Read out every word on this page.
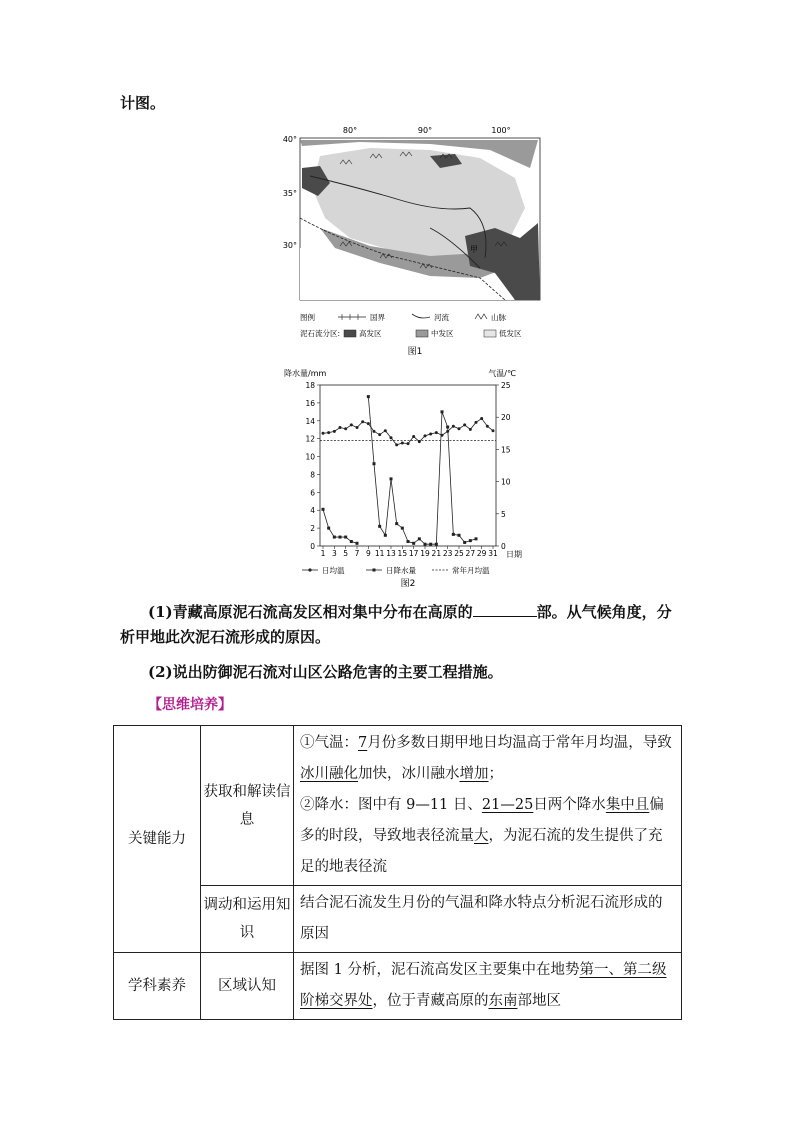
计图。
80°	90°	100°
40°
35°
30°	甲
图例	国界	河流	山脉
泥石流分区:	高发区	中发区	低发区
图1
降水量/mm	气温/℃
0
2
4
6
8
10
12
14
16
18
0
5
10
15
20
25
1 3 5 7 9 11 13 15 17 19 21 23 25 27 29 31 日期
日均温	日降水量	常年月均温
图2
(1)青藏高原泥石流高发区相对集中分布在高原的	部。从气候角度，分析甲地此次泥石流形成的原因。
(2)说出防御泥石流对山区公路危害的主要工程措施。
【思维培养】
关键能力	获取和解读信息	①气温：7月份多数日期甲地日均温高于常年月均温，导致冰川融化加快，冰川融水增加；
②降水：图中有 9—11 日、21—25日两个降水集中且偏多的时段，导致地表径流量大，为泥石流的发生提供了充足的地表径流

	调动和运用知识	结合泥石流发生月份的气温和降水特点分析泥石流形成的原因
学科素养	区域认知	据图 1 分析，泥石流高发区主要集中在地势第一、第二级阶梯交界处，位于青藏高原的东南部地区
